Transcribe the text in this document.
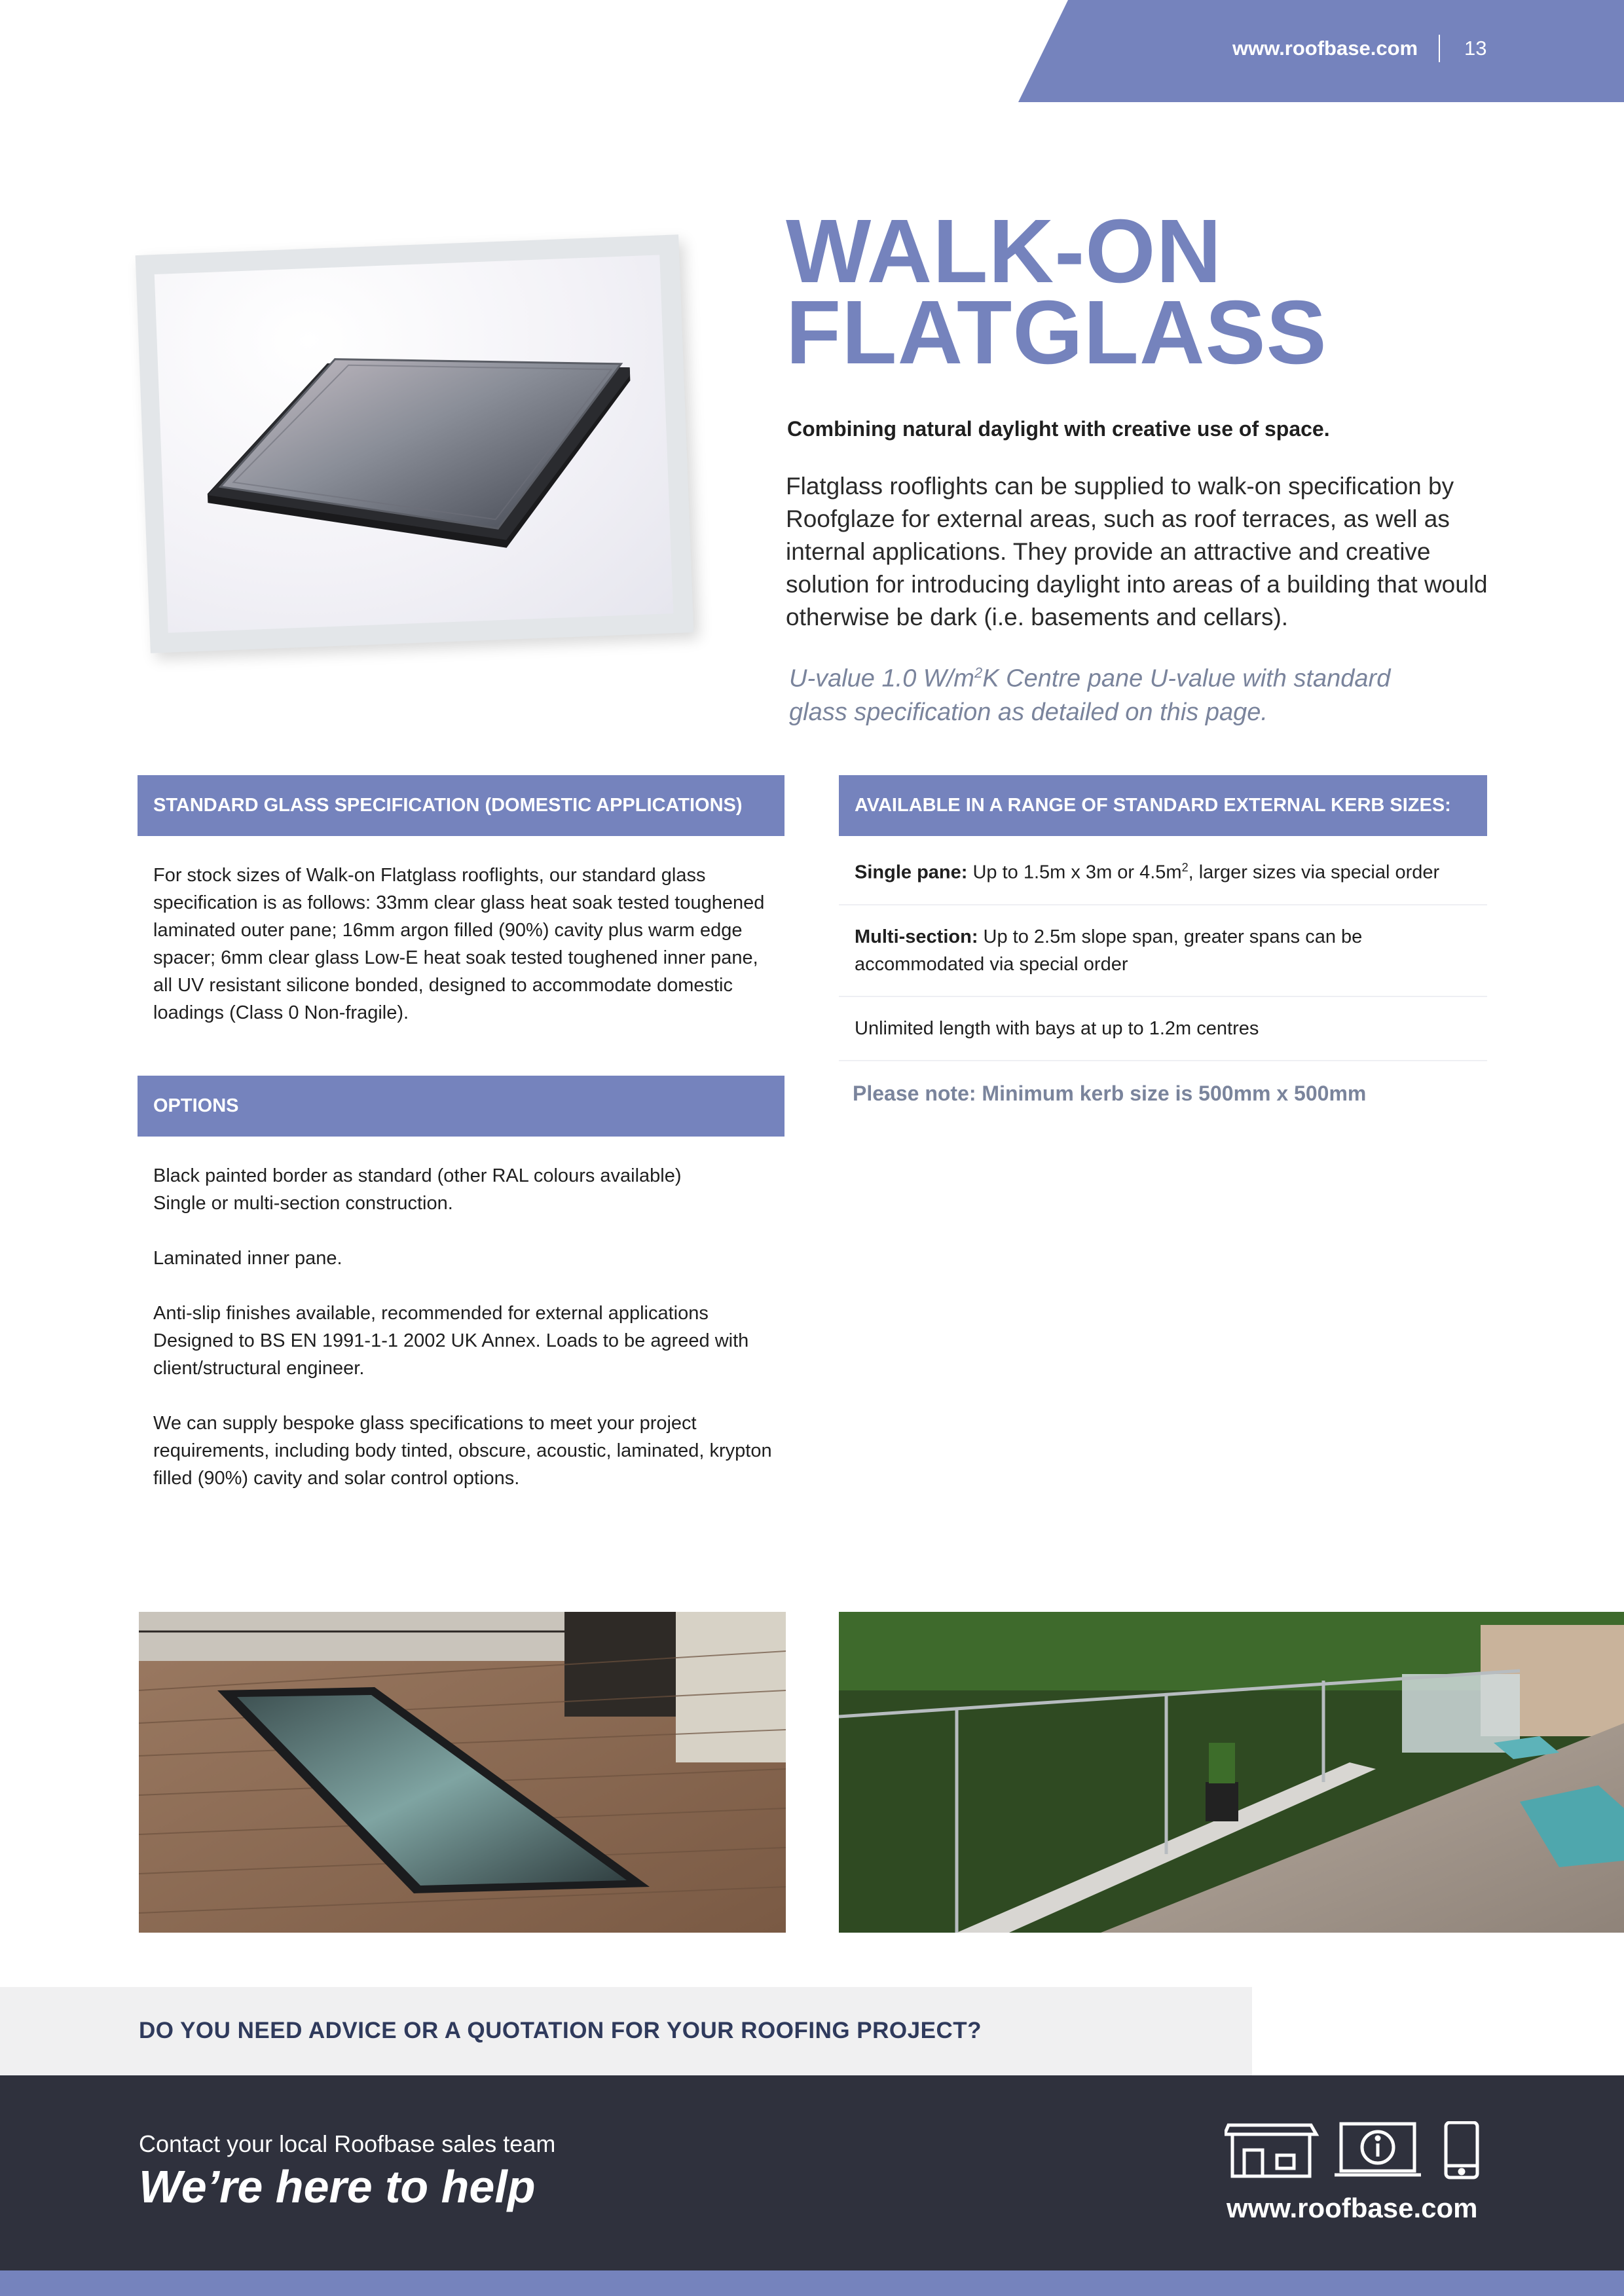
www.roofbase.com 13
WALK-ON
FLATGLASS
Combining natural daylight with creative use of space.
Flatglass rooflights can be supplied to walk-on specification by Roofglaze for external areas, such as roof terraces, as well as internal applications. They provide an attractive and creative solution for introducing daylight into areas of a building that would otherwise be dark (i.e. basements and cellars).
U-value 1.0 $W/m^2K$ Centre pane U-value with standard
glass specification as detailed on this page.
STANDARD GLASS SPECIFICATION (DOMESTIC APPLICATIONS)
For stock sizes of Walk-on Flatglass rooflights, our standard glass specification is as follows: 33mm clear glass heat soak tested toughened laminated outer pane; 16mm argon filled (90%) cavity plus warm edge spacer; 6mm clear glass Low-E heat soak tested toughened inner pane, all UV resistant silicone bonded, designed to accommodate domestic loadings (Class 0 Non-fragile).
AVAILABLE IN A RANGE OF STANDARD EXTERNAL KERB SIZES:
Single pane: Up to 1.5m x 3m or $4.5m^2$, larger sizes via special order
Multi-section: Up to 2.5m slope span, greater spans can be accommodated via special order
Unlimited length with bays at up to 1.2m centres
Please note: Minimum kerb size is 500mm x 500mm
OPTIONS

Black painted border as standard (other RAL colours available)

Single or multi-section construction.

Laminated inner pane.

Anti-slip finishes available, recommended for external applications

Designed to BS EN 1991-1-1 2002 UK Annex. Loads to be agreed with client/structural engineer.

We can supply bespoke glass specifications to meet your project requirements, including body tinted, obscure, acoustic, laminated, krypton filled (90%) cavity and solar control options.

DO YOU NEED ADVICE OR A QUOTATION FOR YOUR ROOFING PROJECT?
Contact your local Roofbase sales team
We’re here to help	www.roofbase.com
